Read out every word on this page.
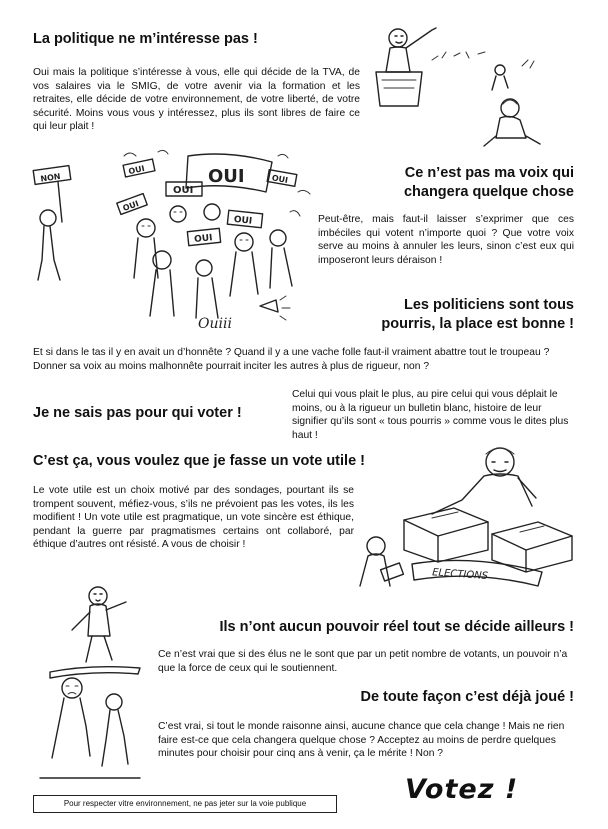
La politique ne m’intéresse pas !
Oui mais la politique s’intéresse à vous, elle qui décide de la TVA, de vos salaires via le SMIG, de votre avenir via la formation et les retraites, elle décide de votre environnement, de votre liberté, de votre sécurité. Moins vous vous y intéressez, plus ils sont libres de faire ce qui leur plait !
Ce n’est pas ma voix qui
changera quelque chose
Peut-être, mais faut-il laisser s’exprimer que ces imbéciles qui votent n’importe quoi ? Que votre voix serve au moins à annuler les leurs, sinon c’est eux qui imposeront leurs déraison !
Les politiciens sont tous
pourris, la place est bonne !
Et si dans le tas il y en avait un d’honnête ? Quand il y a une vache folle faut-il vraiment abattre tout le troupeau ? Donner sa voix au moins malhonnête pourrait inciter les autres à plus de rigueur, non ?
Je ne sais pas pour qui voter !
Celui qui vous plait le plus, au pire celui qui vous déplait le moins, ou à la rigueur un bulletin blanc, histoire de leur signifier qu’ils sont « tous pourris » comme vous le dites plus haut !
C’est ça, vous voulez que je fasse un vote utile !
Le vote utile est un choix motivé par des sondages, pourtant ils se trompent souvent, méfiez-vous, s’ils ne prévoient pas les votes, ils les modifient ! Un vote utile est pragmatique, un vote sincère est éthique, pendant la guerre par pragmatismes certains ont collaboré, par éthique d’autres ont résisté. A vous de choisir !
Ils n’ont aucun pouvoir réel tout se décide ailleurs !
Ce n’est vrai que si des élus ne le sont que par un petit nombre de votants, un pouvoir n’a que la force de ceux qui le soutiennent.
De toute façon c’est déjà joué !
C’est vrai, si tout le monde raisonne ainsi, aucune chance que cela change ! Mais ne rien faire est-ce que cela changera quelque chose ? Acceptez au moins de perdre quelques minutes pour choisir pour cinq ans à venir, ça le mérite ! Non ?
Pour respecter vitre environnement, ne pas jeter sur la voie publique	Votez !
NON	OUI
OUI
OUI
OUI
OUI
OUI
OUI
Ouiii
ELECTIONS
